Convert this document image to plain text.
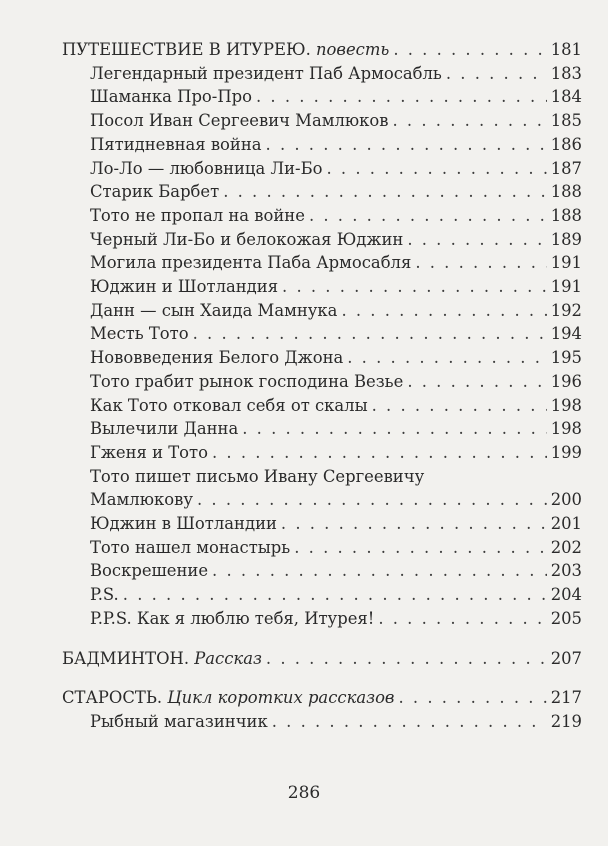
ПУТЕШЕСТВИЕ В ИТУРЕЮ. повесть . . .	181
Легендарный президент Паб Армосабль . . .	183
Шаманка Про-Про . . .	184
Посол Иван Сергеевич Мамлюков . . .	185
Пятидневная война . . .	186
Ло-Ло — любовница Ли-Бо . . .	187
Старик Барбет . . .	188
Тото не пропал на войне . . .	188
Черный Ли-Бо и белокожая Юджин . . .	189
Могила президента Паба Армосабля . . .	191
Юджин и Шотландия . . .	191
Данн — сын Хаида Мамнука . . .	192
Месть Тото . . .	194
Нововведения Белого Джона . . .	195
Тото грабит рынок господина Везье . . .	196
Как Тото отковал себя от скалы . . .	198
Вылечили Данна . . .	198
Гженя и Тото . . .	199
Тото пишет письмо Ивану Сергеевичу
Мамлюкову . . .	200
Юджин в Шотландии . . .	201
Тото нашел монастырь . . .	202
Воскрешение . . .	203
P.S. . . .	204
P.P.S. Как я люблю тебя, Итурея! . . .	205
БАДМИНТОН. Рассказ . . .	207
СТАРОСТЬ. Цикл коротких рассказов . . .	217
Рыбный магазинчик . . .	219
286
